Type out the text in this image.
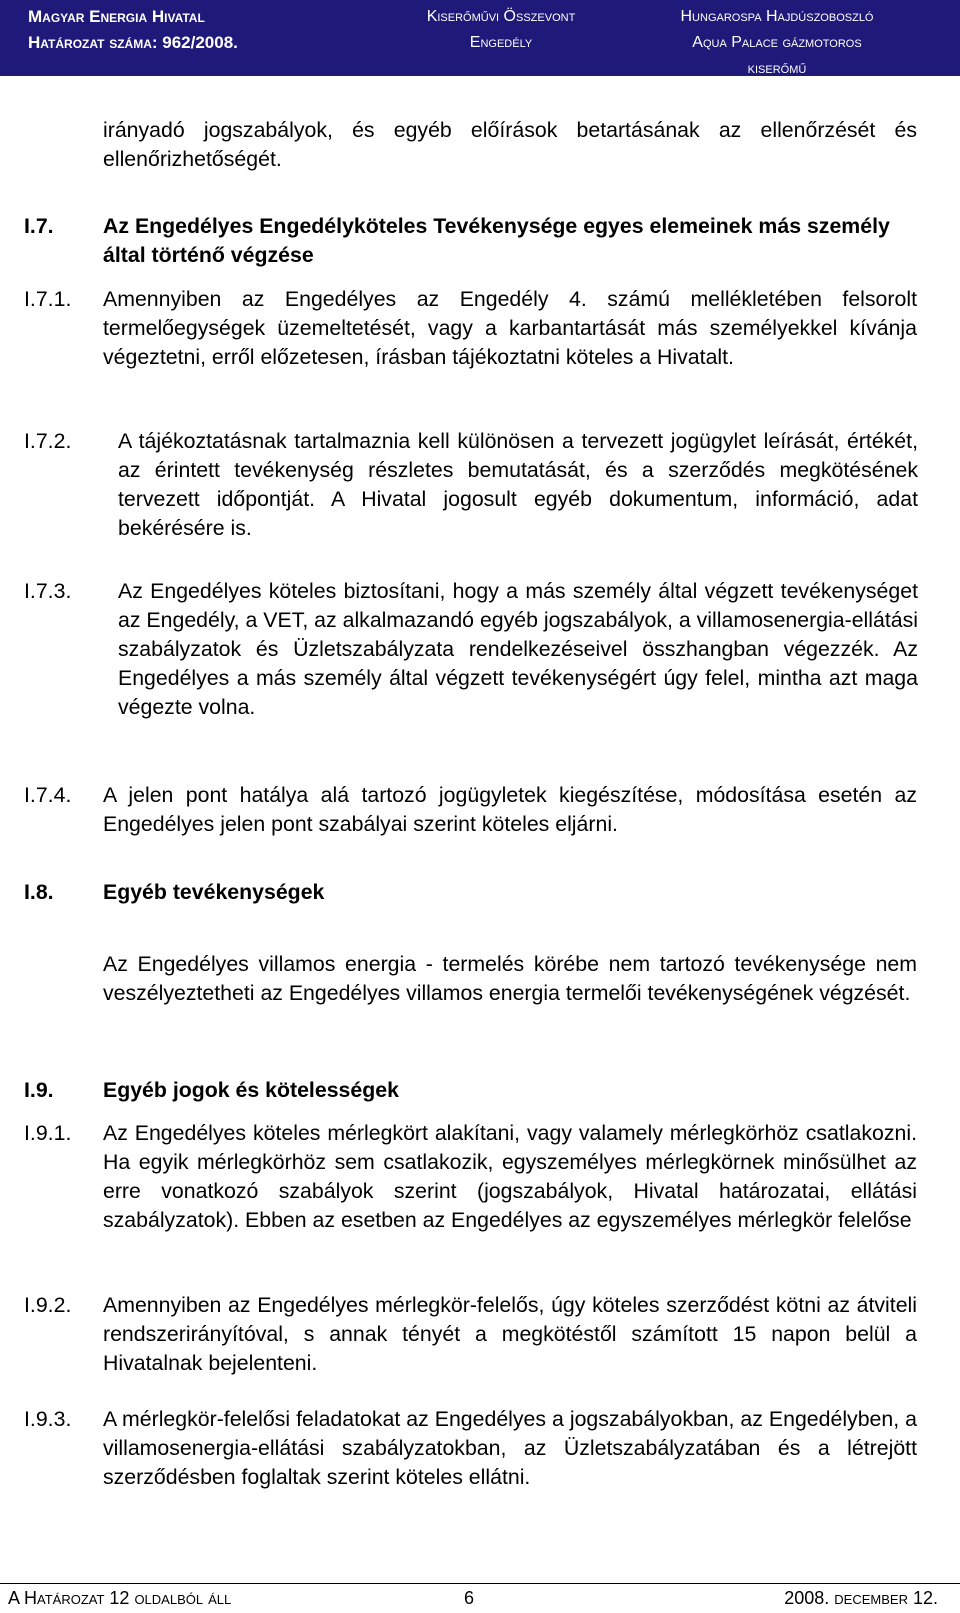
Magyar Energia Hivatal
Határozat száma: 962/2008.
Kiserőművi Összevont
Engedély
Hungarospa Hajdúszoboszló
Aqua Palace gázmotoros
kiserőmű

irányadó jogszabályok, és egyéb előírások betartásának az ellenőrzését és ellenőrizhetőségét.

I.7. Az Engedélyes Engedélyköteles Tevékenysége egyes elemeinek más személy által történő végzése
I.7.1. Amennyiben az Engedélyes az Engedély 4. számú mellékletében felsorolt termelőegységek üzemeltetését, vagy a karbantartását más személyekkel kívánja végeztetni, erről előzetesen, írásban tájékoztatni köteles a Hivatalt.

I.7.2. A tájékoztatásnak tartalmaznia kell különösen a tervezett jogügylet leírását, értékét, az érintett tevékenység részletes bemutatását, és a szerződés megkötésének tervezett időpontját. A Hivatal jogosult egyéb dokumentum, információ, adat bekérésére is.

I.7.3. Az Engedélyes köteles biztosítani, hogy a más személy által végzett tevékenységet az Engedély, a VET, az alkalmazandó egyéb jogszabályok, a villamosenergia-ellátási szabályzatok és Üzletszabályzata rendelkezéseivel összhangban végezzék. Az Engedélyes a más személy által végzett tevékenységért úgy felel, mintha azt maga végezte volna.

I.7.4. A jelen pont hatálya alá tartozó jogügyletek kiegészítése, módosítása esetén az Engedélyes jelen pont szabályai szerint köteles eljárni.

I.8. Egyéb tevékenységek

Az Engedélyes villamos energia - termelés körébe nem tartozó tevékenysége nem veszélyeztetheti az Engedélyes villamos energia termelői tevékenységének végzését.

I.9. Egyéb jogok és kötelességek
I.9.1. Az Engedélyes köteles mérlegkört alakítani, vagy valamely mérlegkörhöz csatlakozni. Ha egyik mérlegkörhöz sem csatlakozik, egyszemélyes mérlegkörnek minősülhet az erre vonatkozó szabályok szerint (jogszabályok, Hivatal határozatai, ellátási szabályzatok). Ebben az esetben az Engedélyes az egyszemélyes mérlegkör felelőse

I.9.2. Amennyiben az Engedélyes mérlegkör-felelős, úgy köteles szerződést kötni az átviteli rendszerirányítóval, s annak tényét a megkötéstől számított 15 napon belül a Hivatalnak bejelenteni.

I.9.3. A mérlegkör-felelősi feladatokat az Engedélyes a jogszabályokban, az Engedélyben, a villamosenergia-ellátási szabályzatokban, az Üzletszabályzatában és a létrejött szerződésben foglaltak szerint köteles ellátni.

A Határozat 12 oldalból áll	6	2008. december 12.
